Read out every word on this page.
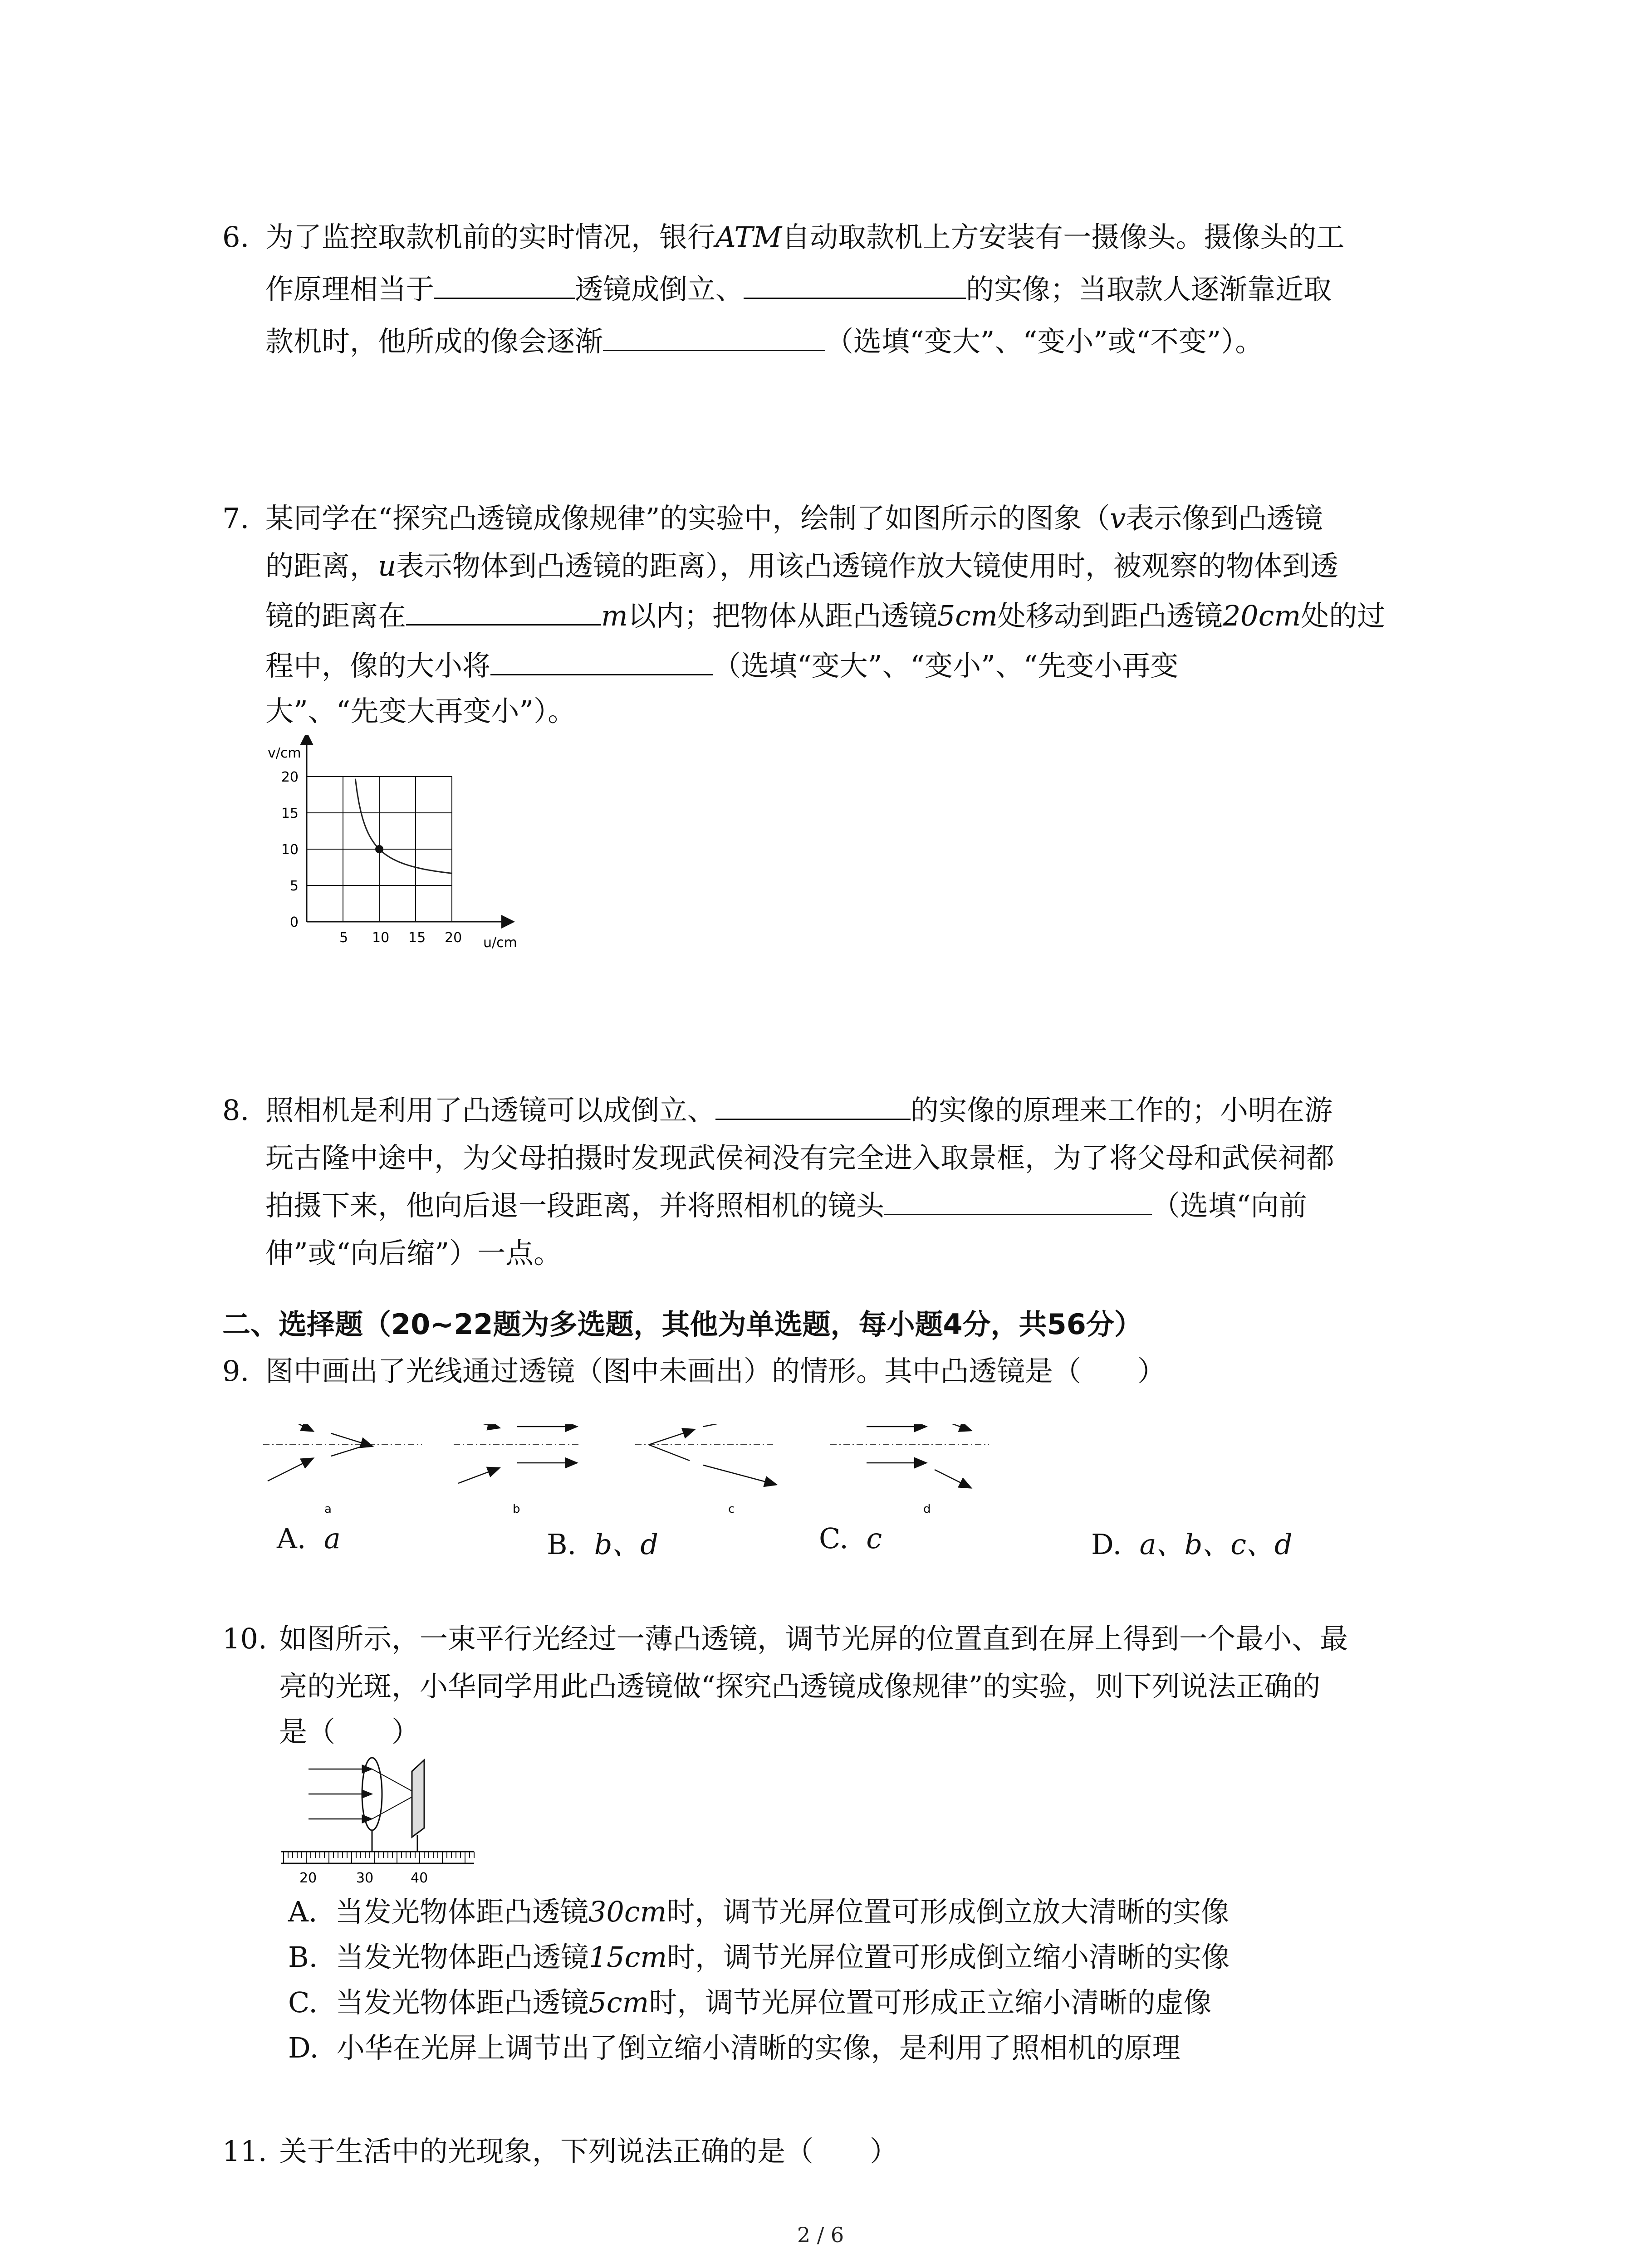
6. 为了监控取款机前的实时情况，银行ATM自动取款机上方安装有一摄像头。摄像头的工
作原理相当于	透镜成倒立、	的实像；当取款人逐渐靠近取
款机时，他所成的像会逐渐	（选填“变大”、“变小”或“不变”）。
7. 某同学在“探究凸透镜成像规律”的实验中，绘制了如图所示的图象（v表示像到凸透镜
的距离，u表示物体到凸透镜的距离），用该凸透镜作放大镜使用时，被观察的物体到透
镜的距离在	m以内；把物体从距凸透镜5cm处移动到距凸透镜20cm处的过
程中，像的大小将	（选填“变大”、“变小”、“先变小再变
大”、“先变大再变小”）。
v/cm
u/cm
5 10 15 20
20
15
10
5
0
8. 照相机是利用了凸透镜可以成倒立、	的实像的原理来工作的；小明在游
玩古隆中途中，为父母拍摄时发现武侯祠没有完全进入取景框，为了将父母和武侯祠都
拍摄下来，他向后退一段距离，并将照相机的镜头	（选填“向前
伸”或“向后缩”）一点。
二、选择题（20~22题为多选题，其他为单选题，每小题4分，共56分）
9. 图中画出了光线通过透镜（图中未画出）的情形。其中凸透镜是（　　）
a	b	c	d
A. a	B. b、d	C. c	D. a、b、c、d
10. 如图所示，一束平行光经过一薄凸透镜，调节光屏的位置直到在屏上得到一个最小、最
亮的光斑，小华同学用此凸透镜做“探究凸透镜成像规律”的实验，则下列说法正确的
是（　　）
20	30	40
A. 当发光物体距凸透镜30cm时，调节光屏位置可形成倒立放大清晰的实像
B. 当发光物体距凸透镜15cm时，调节光屏位置可形成倒立缩小清晰的实像
C. 当发光物体距凸透镜5cm时，调节光屏位置可形成正立缩小清晰的虚像
D. 小华在光屏上调节出了倒立缩小清晰的实像，是利用了照相机的原理
11. 关于生活中的光现象，下列说法正确的是（　　）
2 / 6
